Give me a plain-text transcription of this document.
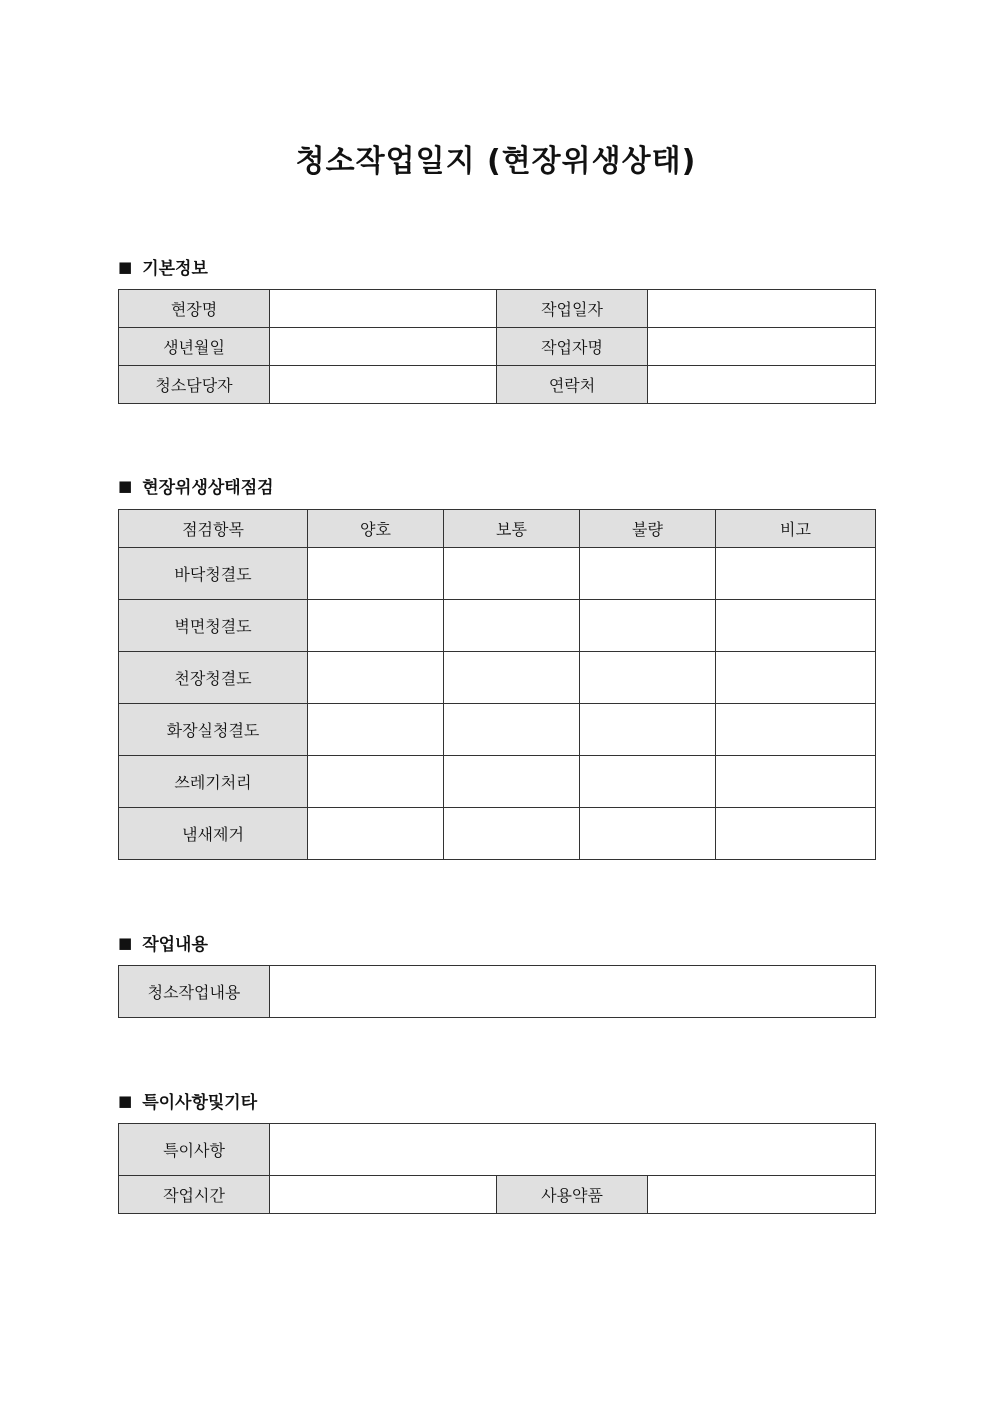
청소작업일지 (현장위생상태)
■ 기본정보
현장명		작업일자	
생년월일		작업자명	
청소담당자		연락처	
■ 현장위생상태점검
점검항목	양호	보통	불량	비고
바닥청결도				
벽면청결도				
천장청결도				
화장실청결도				
쓰레기처리				
냄새제거				
■ 작업내용
청소작업내용	
■ 특이사항및기타
특이사항			
작업시간		사용약품	
